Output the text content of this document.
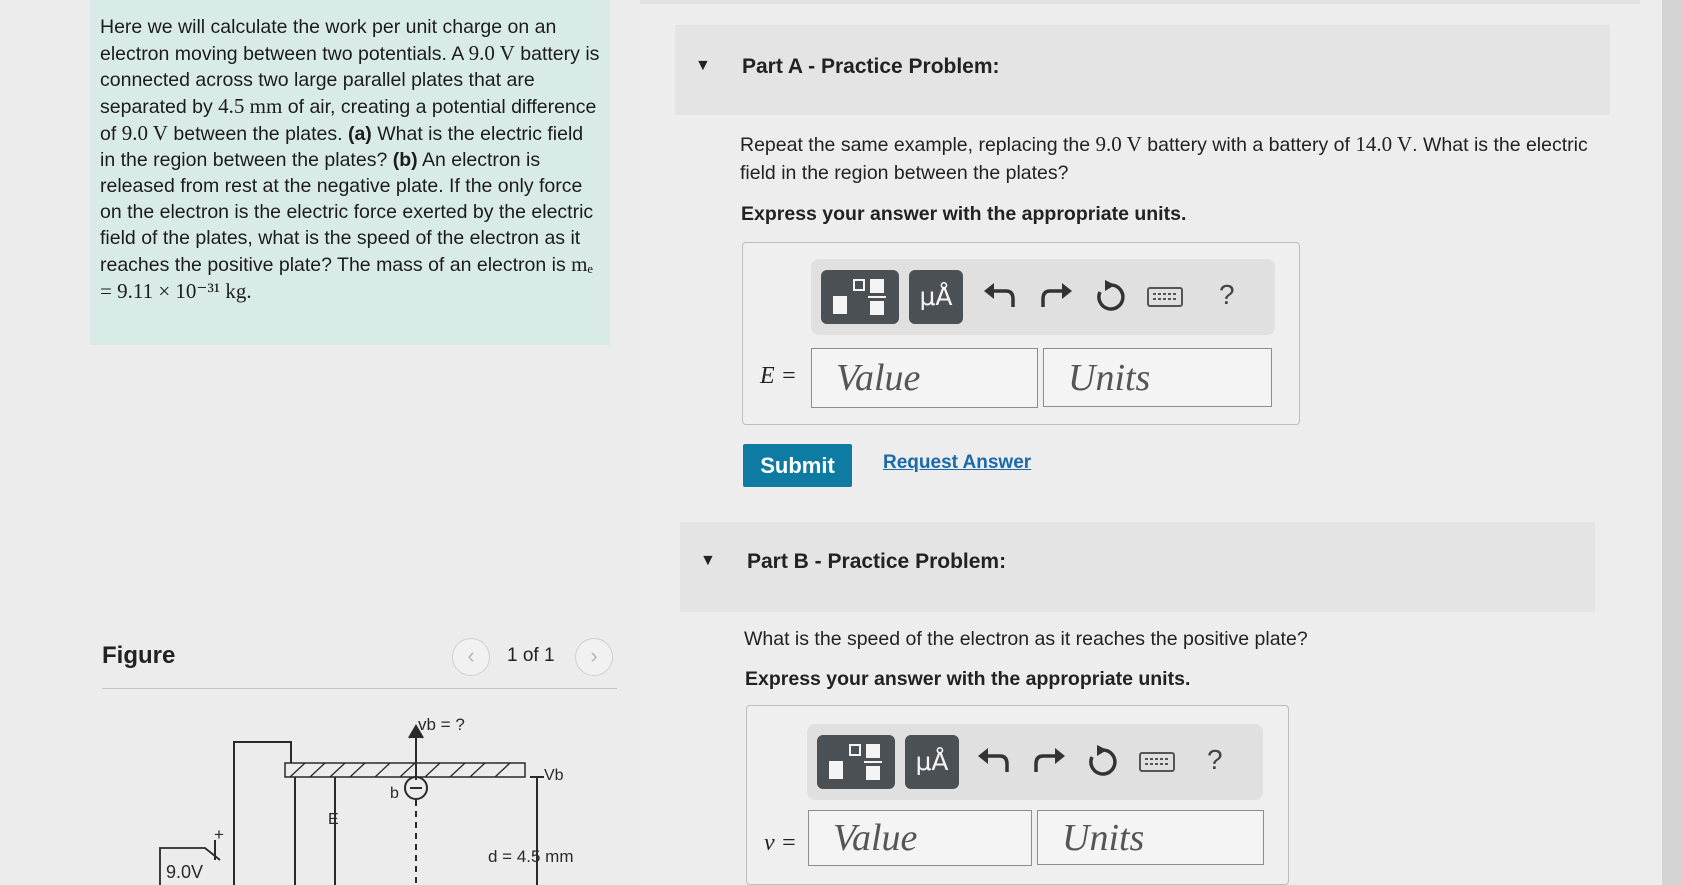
Here we will calculate the work per unit charge on an electron moving between two potentials. A 9.0 V battery is connected across two large parallel plates that are separated by 4.5 mm of air, creating a potential difference of 9.0 V between the plates. (a) What is the electric field in the region between the plates? (b) An electron is released from rest at the negative plate. If the only force on the electron is the electric force exerted by the electric field of the plates, what is the speed of the electron as it reaches the positive plate? The mass of an electron is mₑ = 9.11 × 10⁻³¹ kg.
Figure	‹	1 of 1	›
vb = ?
Vb
b
E
d = 4.5 mm
9.0V
+
▼ Part A - Practice Problem:
Repeat the same example, replacing the 9.0 V battery with a battery of 14.0 V. What is the electric field in the region between the plates?
Express your answer with the appropriate units.
μÅ	?
E =
Value
Units
Submit	Request Answer
▼ Part B - Practice Problem:
What is the speed of the electron as it reaches the positive plate?
Express your answer with the appropriate units.
μÅ	?
v =
Value
Units
